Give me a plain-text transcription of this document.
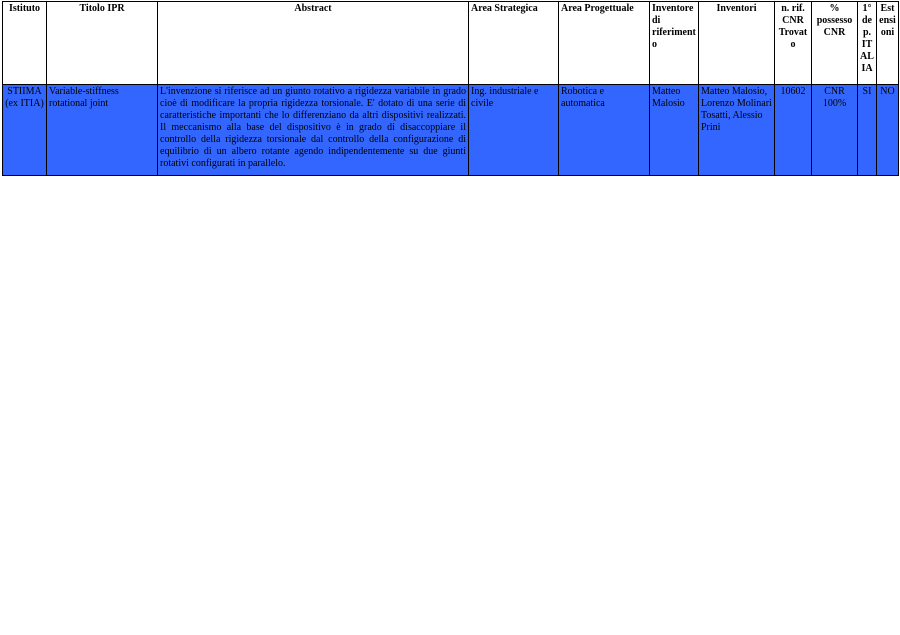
Istituto	Titolo IPR	Abstract	Area Strategica	Area Progettuale	Inventore di riferimento	Inventori	n. rif. CNR Trovato	% possesso CNR	1° dep. ITALIA	Estensioni
STIIMA (ex ITIA)	Variable-stiffness rotational joint	L'invenzione si riferisce ad un giunto rotativo a rigidezza variabile in grado cioè di modificare la propria rigidezza torsionale. E' dotato di una serie di caratteristiche importanti che lo differenziano da altri dispositivi realizzati. Il meccanismo alla base del dispositivo è in grado di disaccoppiare il controllo della rigidezza torsionale dal controllo della configurazione di equilibrio di un albero rotante agendo indipendentemente su due giunti rotativi configurati in parallelo.	Ing. industriale e civile	Robotica e automatica	Matteo Malosio	Matteo Malosio, Lorenzo Molinari Tosatti, Alessio Prini	10602	CNR 100%	SI	NO
